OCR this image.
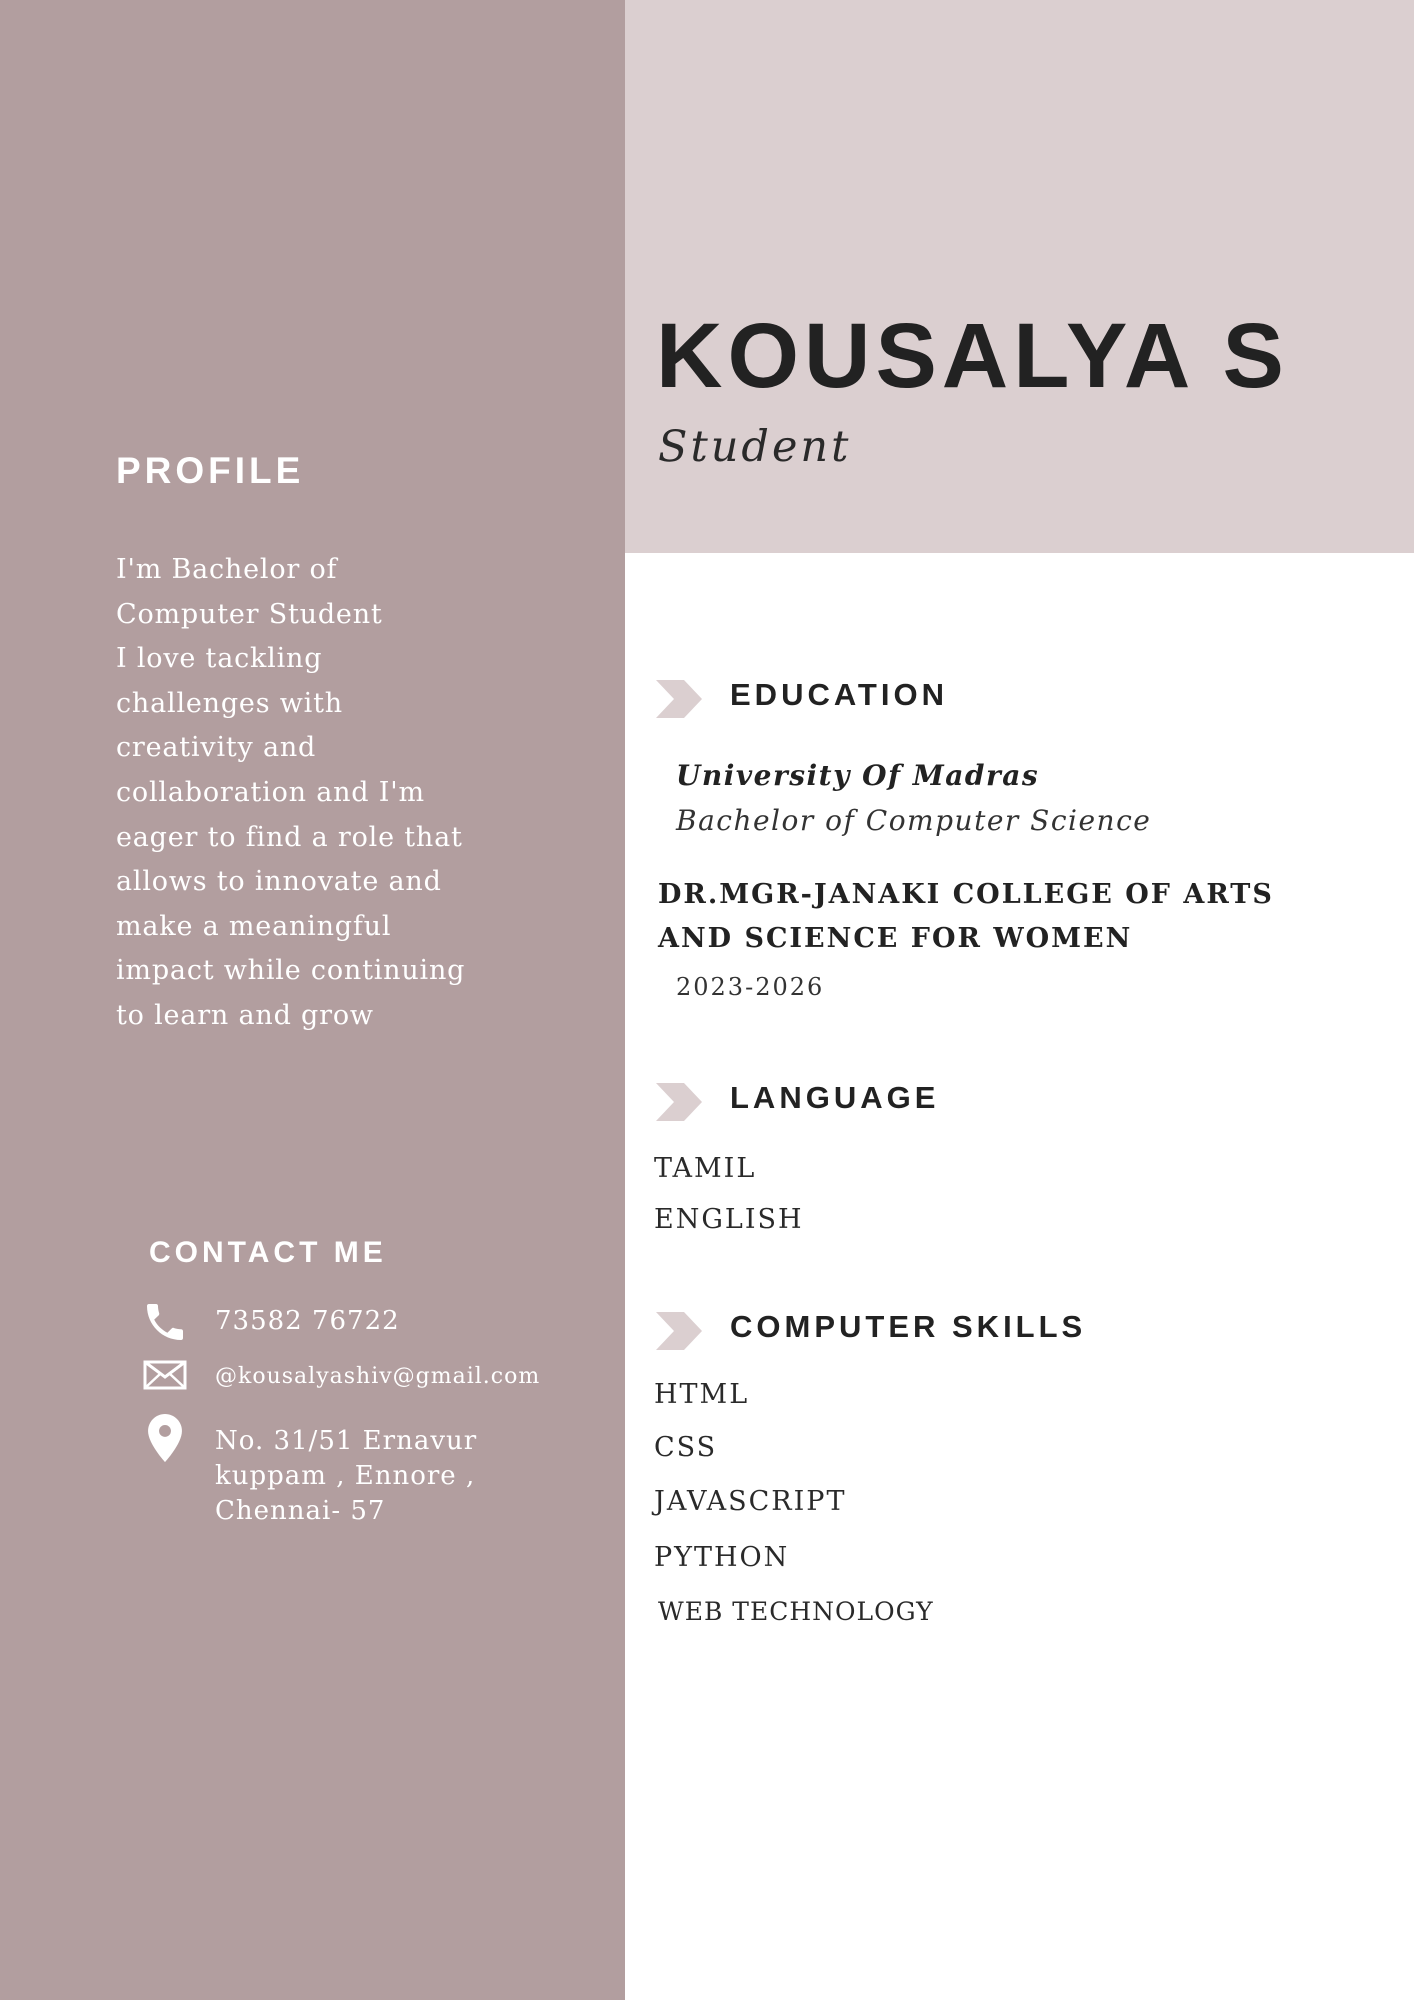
KOUSALYA S
Student
PROFILE

I'm Bachelor of
Computer Student
I love tackling
challenges with
creativity and
collaboration and I'm
eager to find a role that
allows to innovate and
make a meaningful
impact while continuing
to learn and grow

CONTACT ME
73582 76722
@kousalyashiv@gmail.com
No. 31/51 Ernavur
kuppam , Ennore ,
Chennai- 57
EDUCATION
University Of Madras
Bachelor of Computer Science
DR.MGR-JANAKI COLLEGE OF ARTS AND SCIENCE FOR WOMEN
2023-2026
LANGUAGE
TAMIL
ENGLISH
COMPUTER SKILLS
HTML
CSS
JAVASCRIPT
PYTHON
WEB TECHNOLOGY
